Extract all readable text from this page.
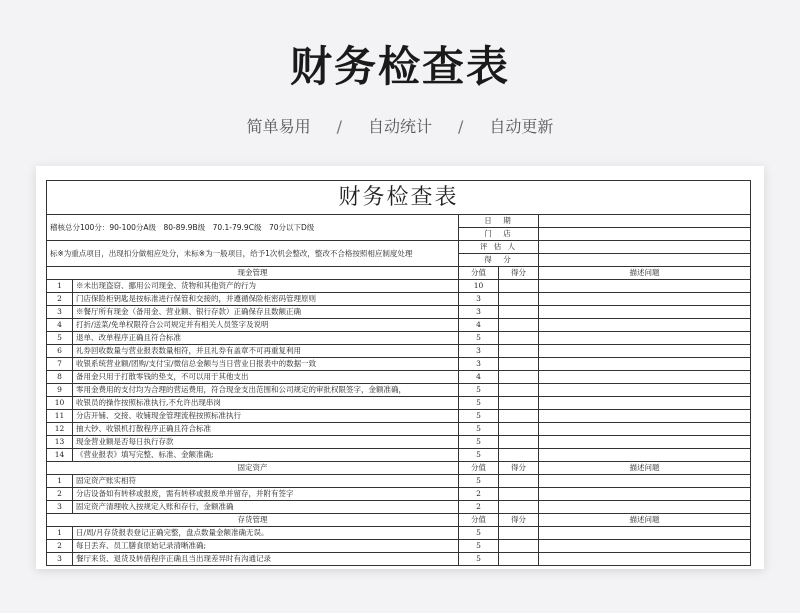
财务检查表
简单易用 / 自动统计 / 自动更新
财务检查表				
稽核总分100分：90-100分A级　80-89.9B级　70.1-79.9C级　70分以下D级		日　期		
		门　店		
标※为重点项目，出现扣分做相应处分，未标※为一般项目，给予1次机会整改，整改不合格按照相应制度处理		评 估 人		
		得　分		
现金管理		分值	得分	描述问题
1	※未出现盗窃、挪用公司现金、货物和其他资产的行为	10		
2	门店保险柜钥匙是按标准进行保管和交接的，并遵循保险柜密码管理原则	3		
3	※餐厅所有现金（备用金、营业额、银行存款）正确保存且数额正确	3		
4	打折/送菜/免单权限符合公司规定并有相关人员签字及说明	4		
5	退单、改单程序正确且符合标准	5		
6	礼券回收数量与营业报表数量相符，并且礼券有盖章不可再重复利用	3		
7	收银系统营业额/团购/支付宝/微信总金额与当日营业日报表中的数据一致	3		
8	备用金只用于打散零钱的垫支，不可以用于其他支出	4		
9	零用金费用的支付均为合理的营运费用，符合现金支出范围和公司规定的审批权限签字，金额准确，	5		
10	收银员的操作按照标准执行,不允许出现串岗	5		
11	分店开铺、交接、收铺现金管理流程按照标准执行	5		
12	抽大钞、收银机打散程序正确且符合标准	5		
13	现金营业额是否每日执行存款	5		
14	《营业报表》填写完整、标准、金额准确;	5		
固定资产		分值	得分	描述问题
1	固定资产账实相符	5		
2	分店设备如有转移或报废，需有转移或报废单并留存，并附有签字	2		
3	固定资产清理收入按规定入账和存行，金额准确	2		
存货管理		分值	得分	描述问题
1	日/周/月存货报表登记正确完整，盘点数量金额准确无误。	5		
2	每日丢弃、员工膳食原始记录清晰准确;	5		
3	餐厅来货、退货及转借程序正确且当出现差异时有沟通记录	5		
